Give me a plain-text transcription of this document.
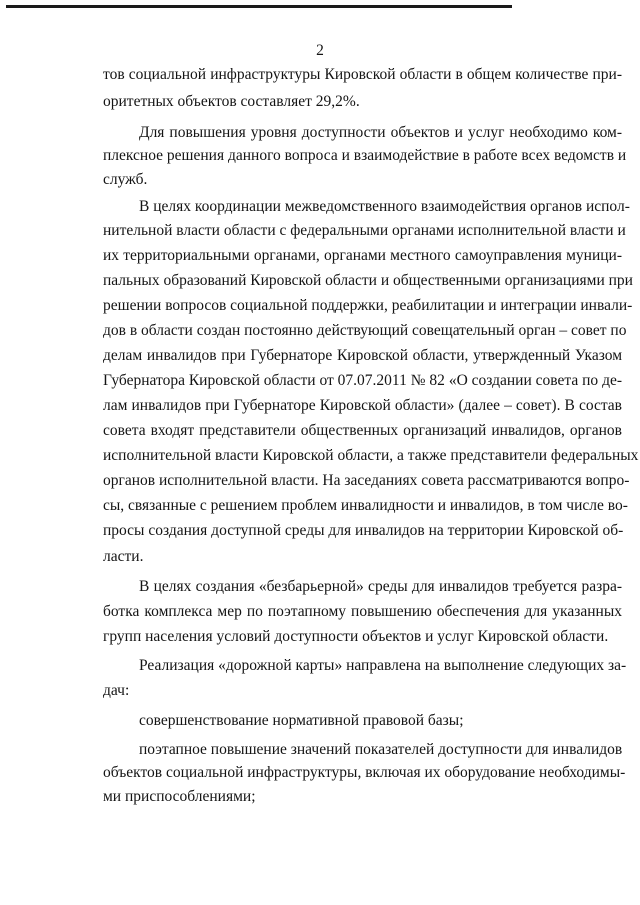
2
тов социальной инфраструктуры Кировской области в общем количестве при-
оритетных объектов составляет 29,2%.
Для повышения уровня доступности объектов и услуг необходимо ком-
плексное решения данного вопроса и взаимодействие в работе всех ведомств и
служб.
В целях координации межведомственного взаимодействия органов испол-
нительной власти области с федеральными органами исполнительной власти и
их территориальными органами, органами местного самоуправления муници-
пальных образований Кировской области и общественными организациями при
решении вопросов социальной поддержки, реабилитации и интеграции инвали-
дов в области создан постоянно действующий совещательный орган – совет по
делам инвалидов при Губернаторе Кировской области, утвержденный Указом
Губернатора Кировской области от 07.07.2011 № 82 «О создании совета по де-
лам инвалидов при Губернаторе Кировской области» (далее – совет). В состав
совета входят представители общественных организаций инвалидов, органов
исполнительной власти Кировской области, а также представители федеральных
органов исполнительной власти. На заседаниях совета рассматриваются вопро-
сы, связанные с решением проблем инвалидности и инвалидов, в том числе во-
просы создания доступной среды для инвалидов на территории Кировской об-
ласти.
В целях создания «безбарьерной» среды для инвалидов требуется разра-
ботка комплекса мер по поэтапному повышению обеспечения для указанных
групп населения условий доступности объектов и услуг Кировской области.
Реализация «дорожной карты» направлена на выполнение следующих за-
дач:
совершенствование нормативной правовой базы;
поэтапное повышение значений показателей доступности для инвалидов
объектов социальной инфраструктуры, включая их оборудование необходимы-
ми приспособлениями;
